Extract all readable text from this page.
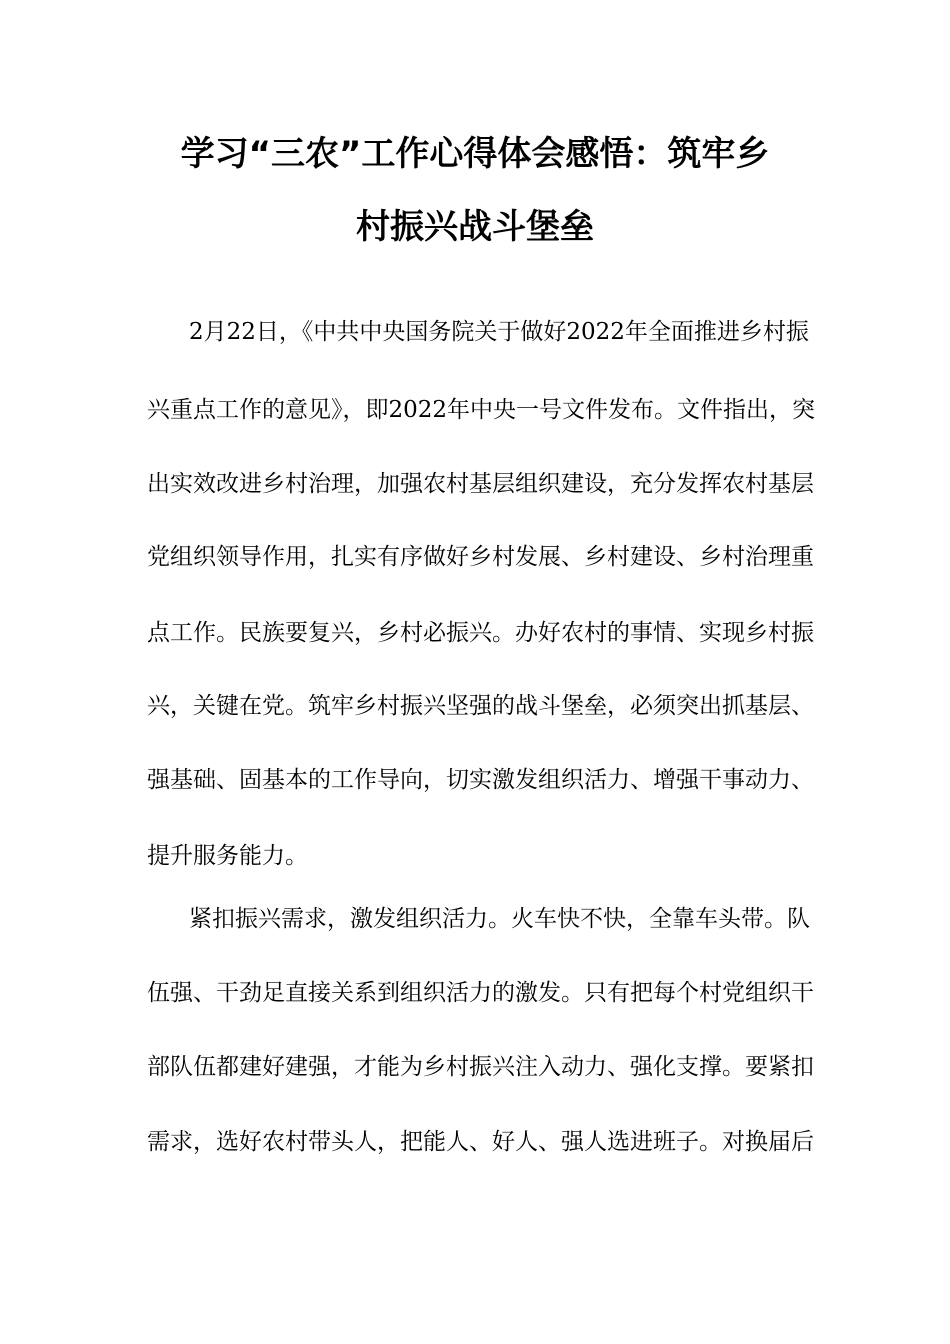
学习“三农”工作心得体会感悟：筑牢乡
村振兴战斗堡垒

2月22日，《中共中央国务院关于做好2022年全面推进乡村振

兴重点工作的意见》，即2022年中央一号文件发布。文件指出，突

出实效改进乡村治理，加强农村基层组织建设，充分发挥农村基层

党组织领导作用，扎实有序做好乡村发展、乡村建设、乡村治理重

点工作。民族要复兴，乡村必振兴。办好农村的事情、实现乡村振

兴，关键在党。筑牢乡村振兴坚强的战斗堡垒，必须突出抓基层、

强基础、固基本的工作导向，切实激发组织活力、增强干事动力、

提升服务能力。

紧扣振兴需求，激发组织活力。火车快不快，全靠车头带。队

伍强、干劲足直接关系到组织活力的激发。只有把每个村党组织干

部队伍都建好建强，才能为乡村振兴注入动力、强化支撑。要紧扣

需求，选好农村带头人，把能人、好人、强人选进班子。对换届后
